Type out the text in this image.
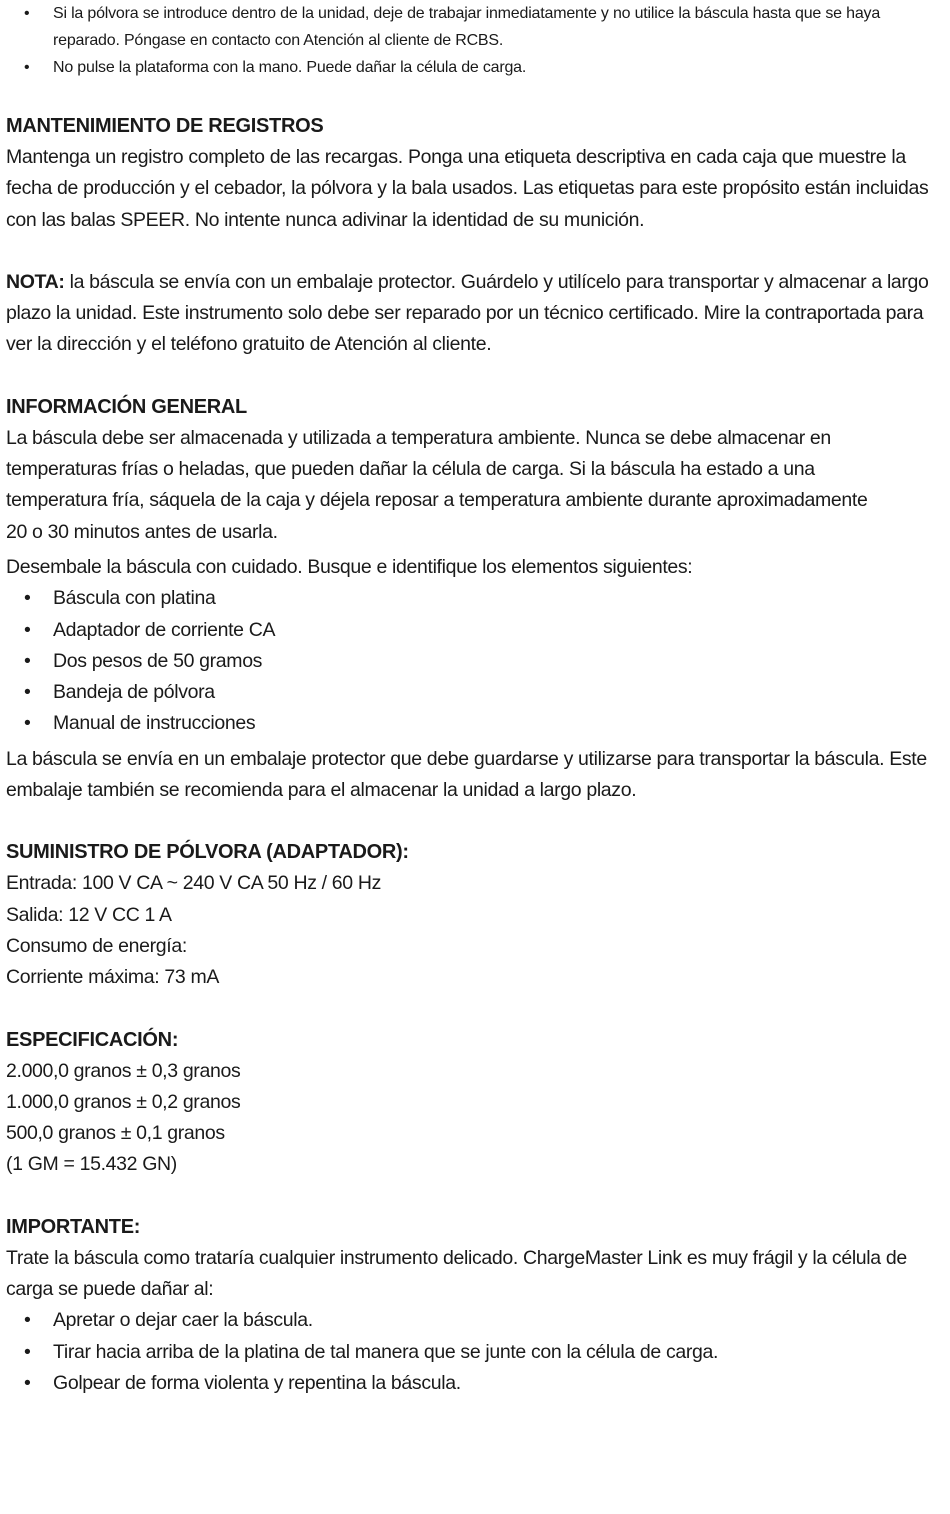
• Si la pólvora se introduce dentro de la unidad, deje de trabajar inmediatamente y no utilice la báscula hasta que se haya reparado. Póngase en contacto con Atención al cliente de RCBS.
• No pulse la plataforma con la mano. Puede dañar la célula de carga.
MANTENIMIENTO DE REGISTROS

Mantenga un registro completo de las recargas. Ponga una etiqueta descriptiva en cada caja que muestre la fecha de producción y el cebador, la pólvora y la bala usados. Las etiquetas para este propósito están incluidas con las balas SPEER. No intente nunca adivinar la identidad de su munición.

NOTA: la báscula se envía con un embalaje protector. Guárdelo y utilícelo para transportar y almacenar a largo plazo la unidad. Este instrumento solo debe ser reparado por un técnico certificado. Mire la contraportada para ver la dirección y el teléfono gratuito de Atención al cliente.

INFORMACIÓN GENERAL

La báscula debe ser almacenada y utilizada a temperatura ambiente. Nunca se debe almacenar en temperaturas frías o heladas, que pueden dañar la célula de carga. Si la báscula ha estado a una temperatura fría, sáquela de la caja y déjela reposar a temperatura ambiente durante aproximadamente 20 o 30 minutos antes de usarla.

Desembale la báscula con cuidado. Busque e identifique los elementos siguientes:

• Báscula con platina
• Adaptador de corriente CA
• Dos pesos de 50 gramos
• Bandeja de pólvora
• Manual de instrucciones

La báscula se envía en un embalaje protector que debe guardarse y utilizarse para transportar la báscula. Este embalaje también se recomienda para el almacenar la unidad a largo plazo.

SUMINISTRO DE PÓLVORA (ADAPTADOR):

Entrada: 100 V CA ~ 240 V CA 50 Hz / 60 Hz

Salida: 12 V CC 1 A

Consumo de energía:

Corriente máxima: 73 mA

ESPECIFICACIÓN:

2.000,0 granos ± 0,3 granos

1.000,0 granos ± 0,2 granos

500,0 granos ± 0,1 granos

(1 GM = 15.432 GN)

IMPORTANTE:

Trate la báscula como trataría cualquier instrumento delicado. ChargeMaster Link es muy frágil y la célula de carga se puede dañar al:

• Apretar o dejar caer la báscula.
• Tirar hacia arriba de la platina de tal manera que se junte con la célula de carga.
• Golpear de forma violenta y repentina la báscula.
